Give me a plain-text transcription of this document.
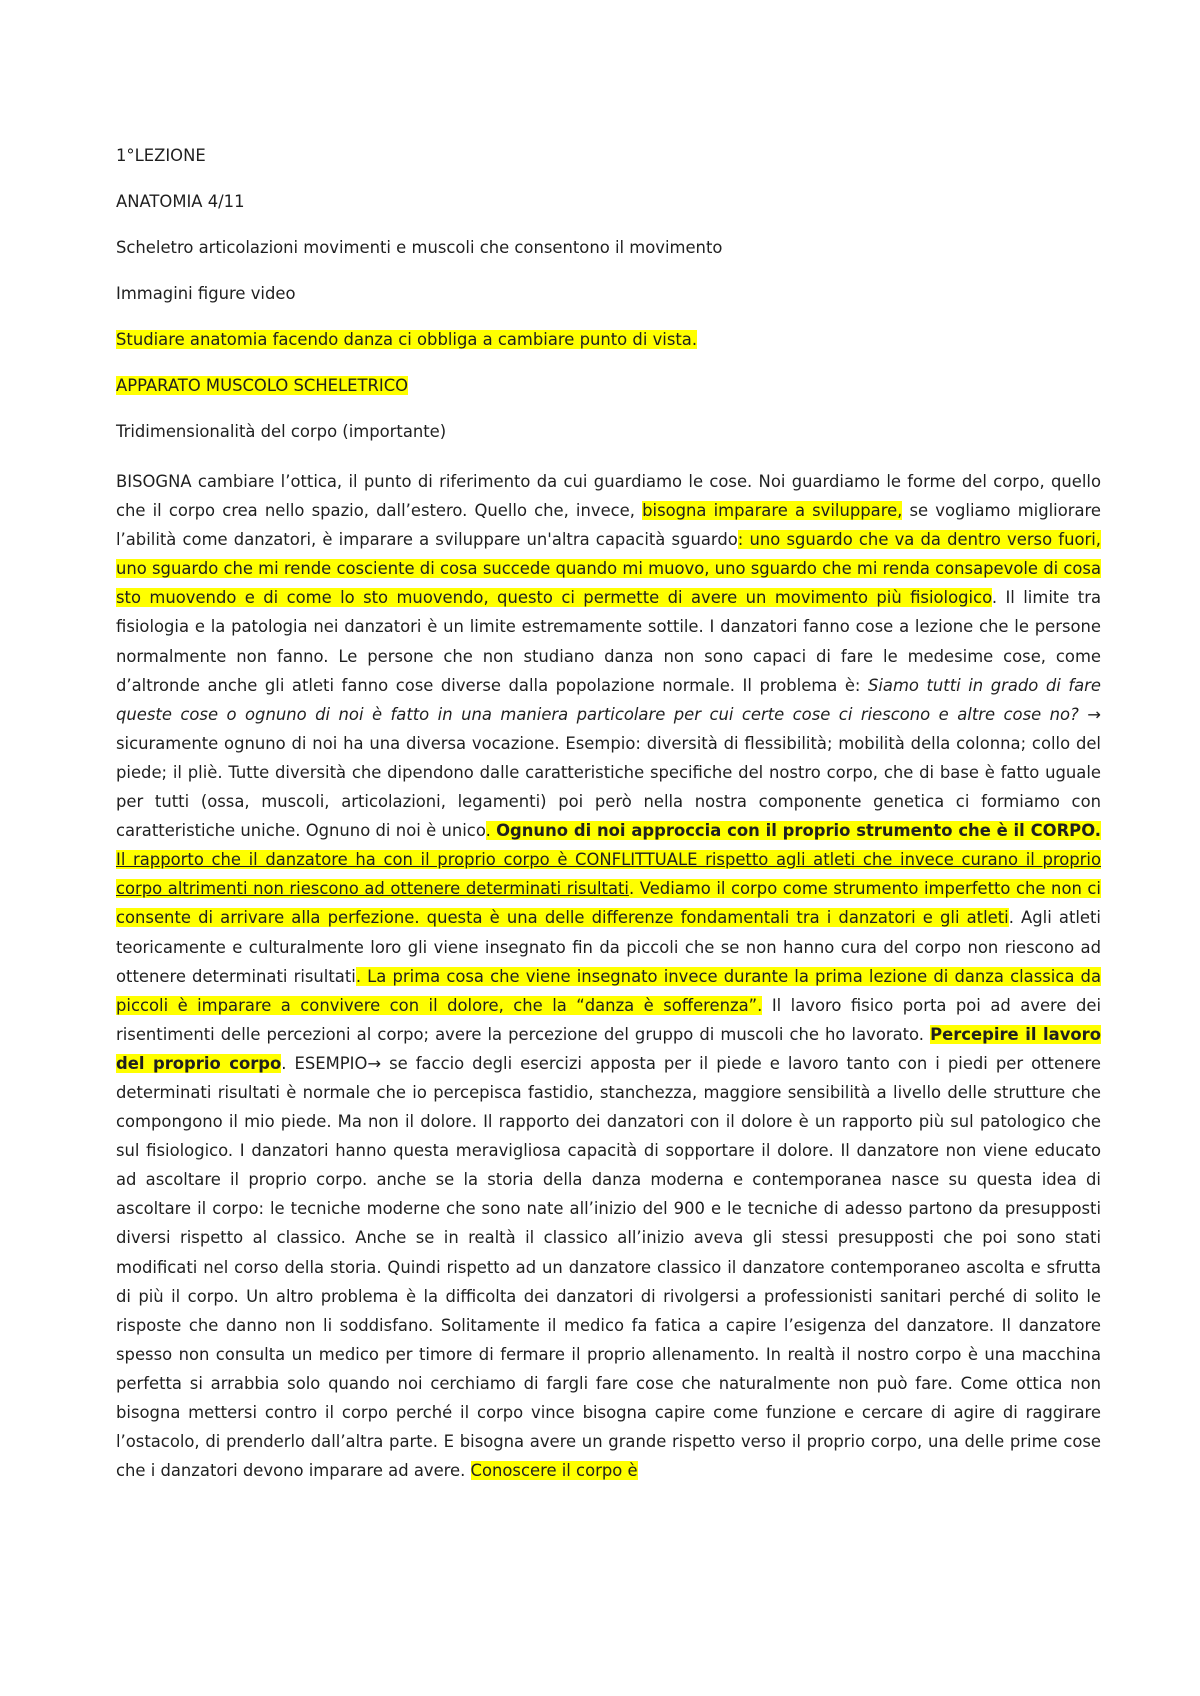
1°LEZIONE
ANATOMIA 4/11
Scheletro articolazioni movimenti e muscoli che consentono il movimento
Immagini figure video
Studiare anatomia facendo danza ci obbliga a cambiare punto di vista.
APPARATO MUSCOLO SCHELETRICO
Tridimensionalità del corpo (importante)

BISOGNA cambiare l’ottica, il punto di riferimento da cui guardiamo le cose. Noi guardiamo le forme del corpo, quello che il corpo crea nello spazio, dall’estero. Quello che, invece, bisogna imparare a sviluppare, se vogliamo migliorare l’abilità come danzatori, è imparare a sviluppare un'altra capacità sguardo: uno sguardo che va da dentro verso fuori, uno sguardo che mi rende cosciente di cosa succede quando mi muovo, uno sguardo che mi renda consapevole di cosa sto muovendo e di come lo sto muovendo, questo ci permette di avere un movimento più fisiologico. Il limite tra fisiologia e la patologia nei danzatori è un limite estremamente sottile. I danzatori fanno cose a lezione che le persone normalmente non fanno. Le persone che non studiano danza non sono capaci di fare le medesime cose, come d’altronde anche gli atleti fanno cose diverse dalla popolazione normale. Il problema è: Siamo tutti in grado di fare queste cose o ognuno di noi è fatto in una maniera particolare per cui certe cose ci riescono e altre cose no? → sicuramente ognuno di noi ha una diversa vocazione. Esempio: diversità di flessibilità; mobilità della colonna; collo del piede; il pliè. Tutte diversità che dipendono dalle caratteristiche specifiche del nostro corpo, che di base è fatto uguale per tutti (ossa, muscoli, articolazioni, legamenti) poi però nella nostra componente genetica ci formiamo con caratteristiche uniche. Ognuno di noi è unico. Ognuno di noi approccia con il proprio strumento che è il CORPO. Il rapporto che il danzatore ha con il proprio corpo è CONFLITTUALE rispetto agli atleti che invece curano il proprio corpo altrimenti non riescono ad ottenere determinati risultati. Vediamo il corpo come strumento imperfetto che non ci consente di arrivare alla perfezione. questa è una delle differenze fondamentali tra i danzatori e gli atleti. Agli atleti teoricamente e culturalmente loro gli viene insegnato fin da piccoli che se non hanno cura del corpo non riescono ad ottenere determinati risultati. La prima cosa che viene insegnato invece durante la prima lezione di danza classica da piccoli è imparare a convivere con il dolore, che la “danza è sofferenza”. Il lavoro fisico porta poi ad avere dei risentimenti delle percezioni al corpo; avere la percezione del gruppo di muscoli che ho lavorato. Percepire il lavoro del proprio corpo. ESEMPIO→ se faccio degli esercizi apposta per il piede e lavoro tanto con i piedi per ottenere determinati risultati è normale che io percepisca fastidio, stanchezza, maggiore sensibilità a livello delle strutture che compongono il mio piede. Ma non il dolore. Il rapporto dei danzatori con il dolore è un rapporto più sul patologico che sul fisiologico. I danzatori hanno questa meravigliosa capacità di sopportare il dolore. Il danzatore non viene educato ad ascoltare il proprio corpo. anche se la storia della danza moderna e contemporanea nasce su questa idea di ascoltare il corpo: le tecniche moderne che sono nate all’inizio del 900 e le tecniche di adesso partono da presupposti diversi rispetto al classico. Anche se in realtà il classico all’inizio aveva gli stessi presupposti che poi sono stati modificati nel corso della storia. Quindi rispetto ad un danzatore classico il danzatore contemporaneo ascolta e sfrutta di più il corpo. Un altro problema è la difficolta dei danzatori di rivolgersi a professionisti sanitari perché di solito le risposte che danno non li soddisfano. Solitamente il medico fa fatica a capire l’esigenza del danzatore. Il danzatore spesso non consulta un medico per timore di fermare il proprio allenamento. In realtà il nostro corpo è una macchina perfetta si arrabbia solo quando noi cerchiamo di fargli fare cose che naturalmente non può fare. Come ottica non bisogna mettersi contro il corpo perché il corpo vince bisogna capire come funzione e cercare di agire di raggirare l’ostacolo, di prenderlo dall’altra parte. E bisogna avere un grande rispetto verso il proprio corpo, una delle prime cose che i danzatori devono imparare ad avere. Conoscere il corpo è
